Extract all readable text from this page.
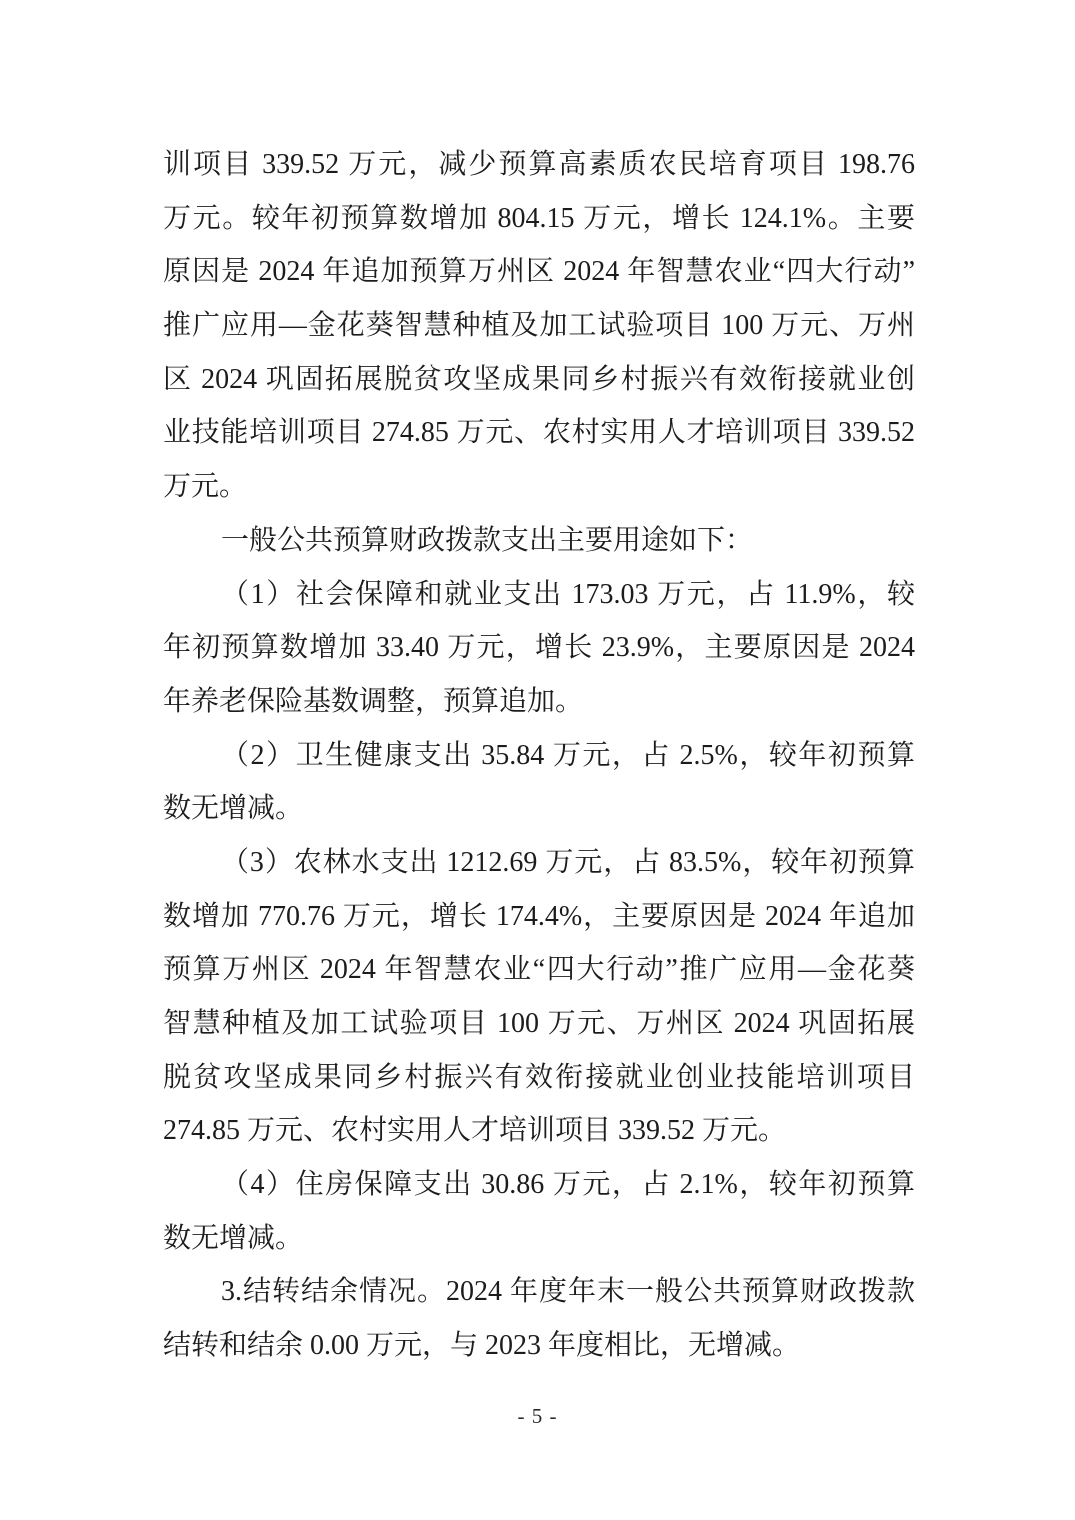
训项目 339.52 万元，减少预算高素质农民培育项目 198.76
万元。较年初预算数增加 804.15 万元，增长 124.1%。主要
原因是 2024 年追加预算万州区 2024 年智慧农业“四大行动”
推广应用—金花葵智慧种植及加工试验项目 100 万元、万州
区 2024 巩固拓展脱贫攻坚成果同乡村振兴有效衔接就业创
业技能培训项目 274.85 万元、农村实用人才培训项目 339.52
万元。
一般公共预算财政拨款支出主要用途如下：
（1）社会保障和就业支出 173.03 万元，占 11.9%，较
年初预算数增加 33.40 万元，增长 23.9%，主要原因是 2024
年养老保险基数调整，预算追加。
（2）卫生健康支出 35.84 万元，占 2.5%，较年初预算
数无增减。
（3）农林水支出 1212.69 万元，占 83.5%，较年初预算
数增加 770.76 万元，增长 174.4%，主要原因是 2024 年追加
预算万州区 2024 年智慧农业“四大行动”推广应用—金花葵
智慧种植及加工试验项目 100 万元、万州区 2024 巩固拓展
脱贫攻坚成果同乡村振兴有效衔接就业创业技能培训项目
274.85 万元、农村实用人才培训项目 339.52 万元。
（4）住房保障支出 30.86 万元，占 2.1%，较年初预算
数无增减。
3.结转结余情况。2024 年度年末一般公共预算财政拨款
结转和结余 0.00 万元，与 2023 年度相比，无增减。
- 5 -
